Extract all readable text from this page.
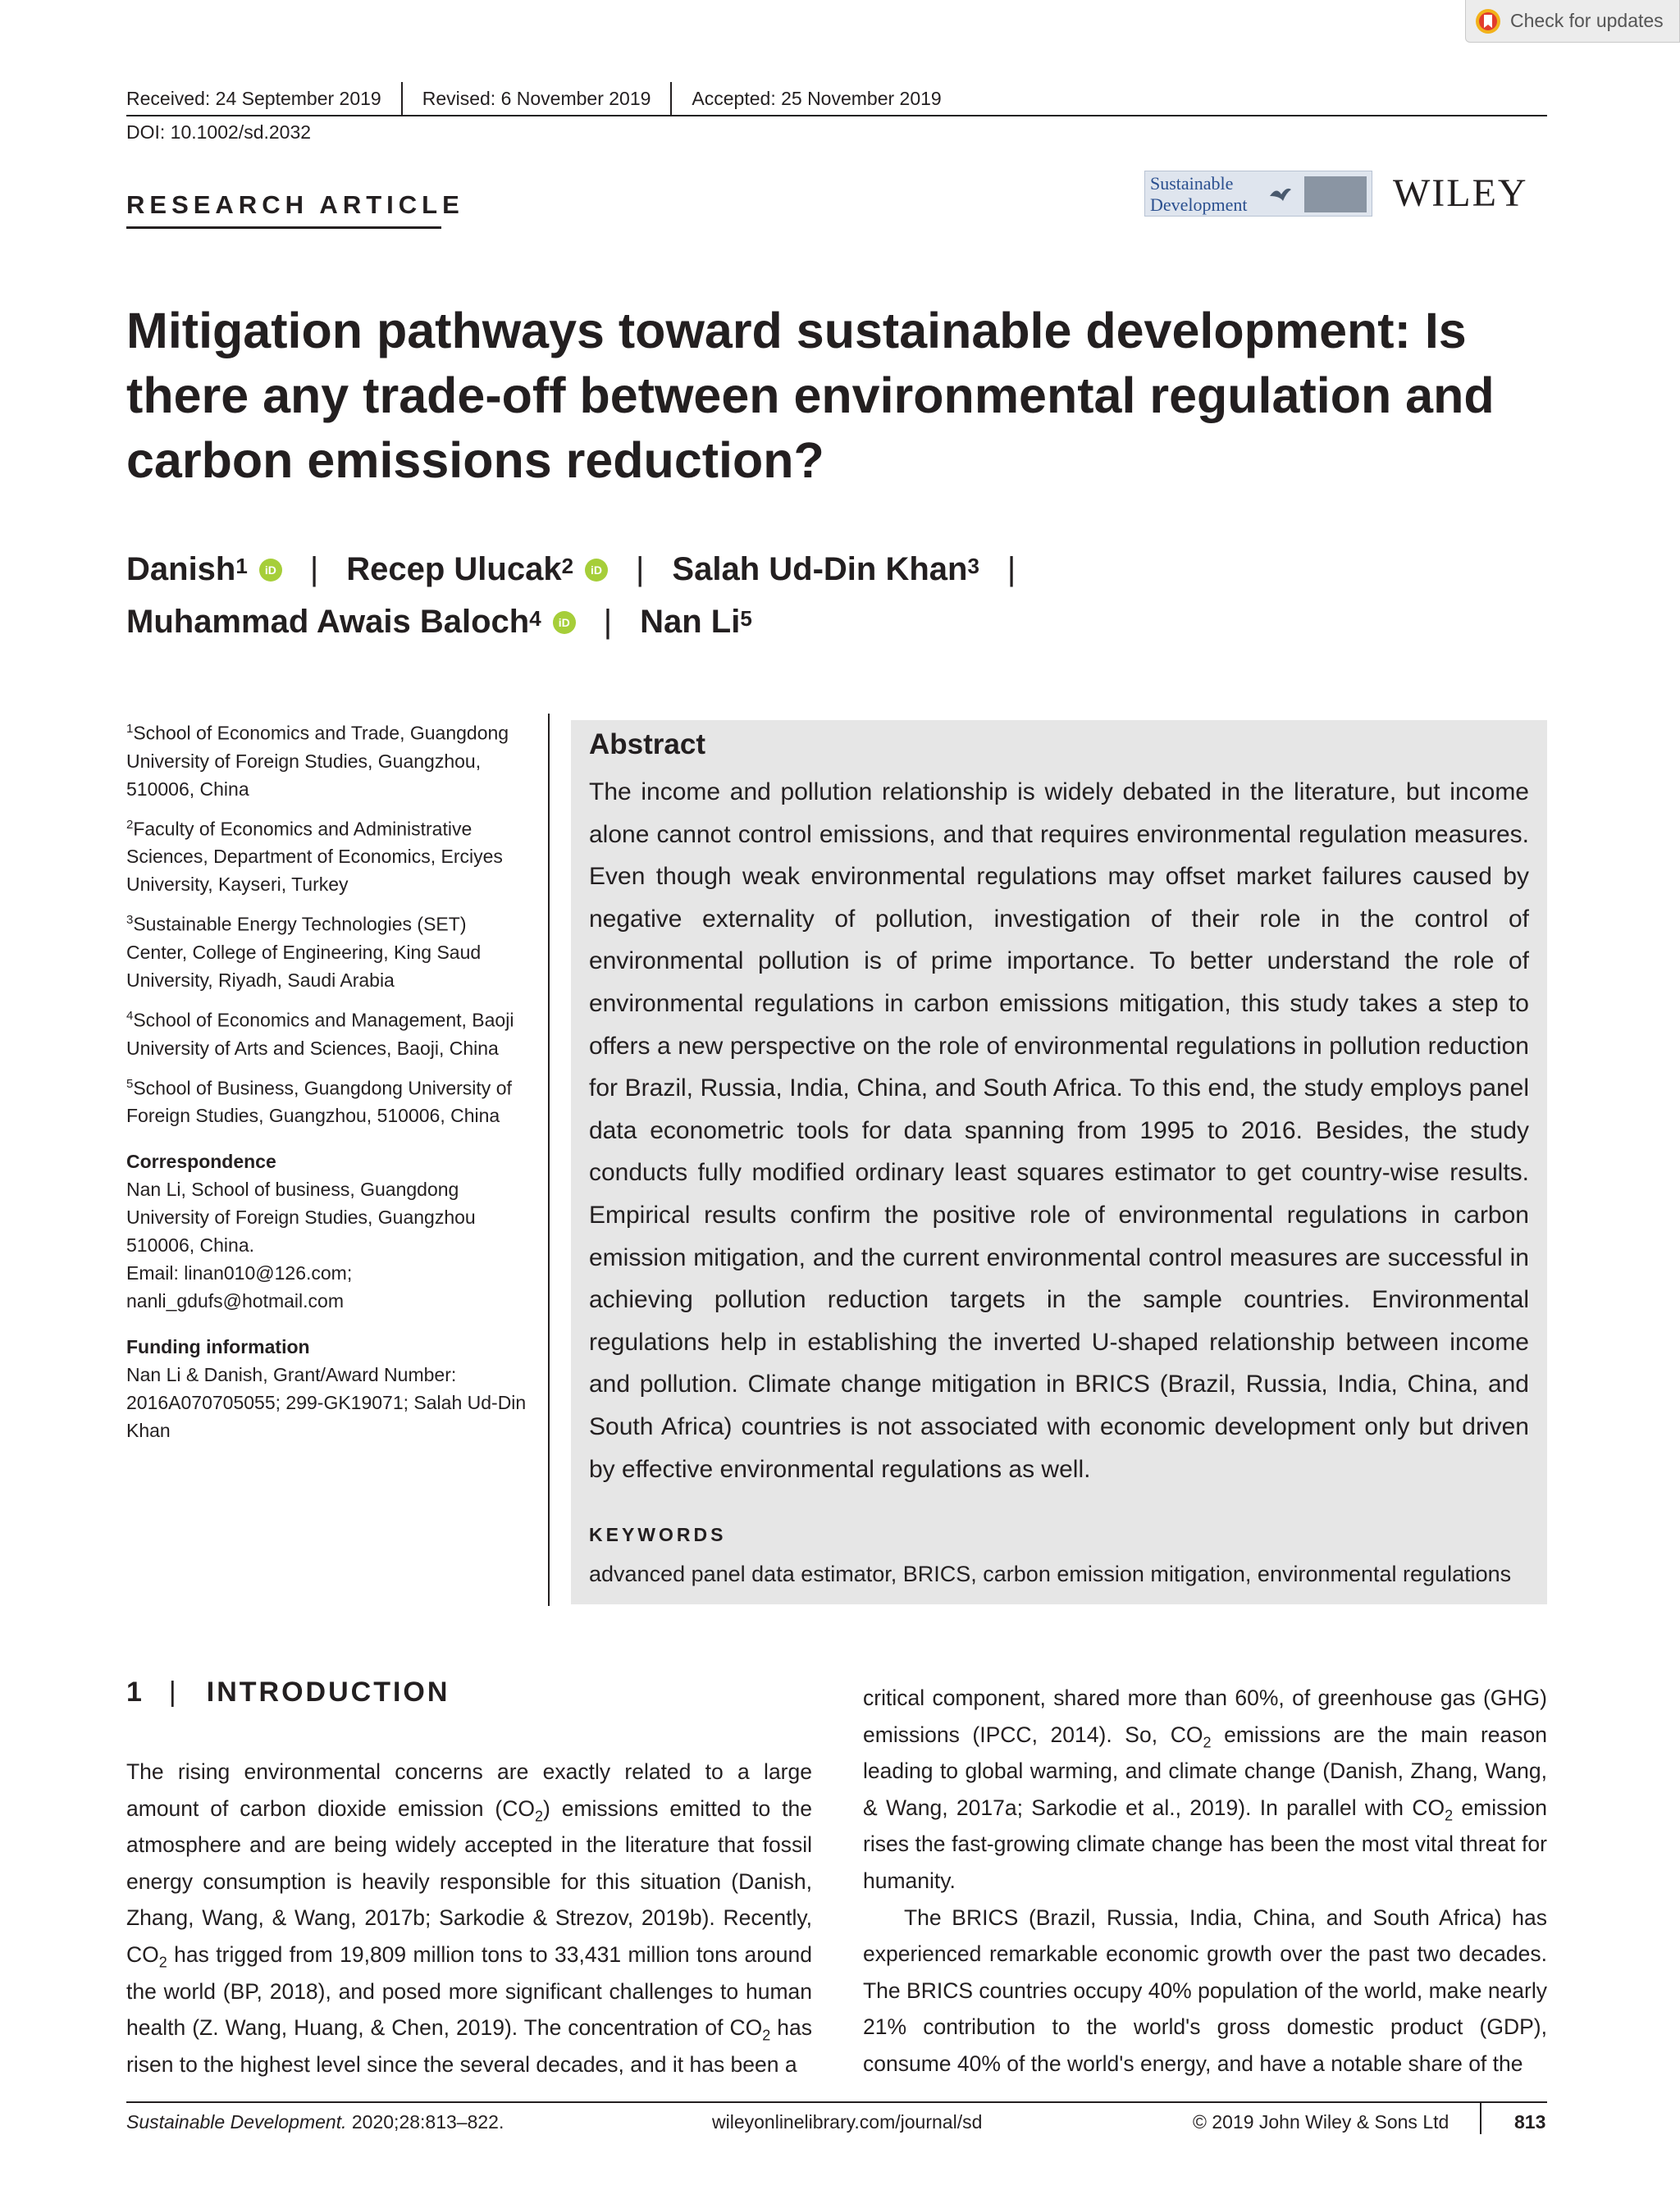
Check for updates
Received: 24 September 2019 Revised: 6 November 2019 Accepted: 25 November 2019
DOI: 10.1002/sd.2032
RESEARCH ARTICLE
Sustainable
Development	WILEY
Mitigation pathways toward sustainable development: Is there any trade-off between environmental regulation and carbon emissions reduction?
Danish$^1$	iD | Recep Ulucak$^2$	iD | Salah Ud-Din Khan$^3$ |
Muhammad Awais Baloch$^4$	iD | Nan Li$^5$
$^1$School of Economics and Trade, Guangdong University of Foreign Studies, Guangzhou, 510006, China
$^2$Faculty of Economics and Administrative Sciences, Department of Economics, Erciyes University, Kayseri, Turkey
$^3$Sustainable Energy Technologies (SET) Center, College of Engineering, King Saud University, Riyadh, Saudi Arabia
$^4$School of Economics and Management, Baoji University of Arts and Sciences, Baoji, China
$^5$School of Business, Guangdong University of Foreign Studies, Guangzhou, 510006, China
Correspondence
Nan Li, School of business, Guangdong University of Foreign Studies, Guangzhou 510006, China.
Email: linan010@126.com; nanli_gdufs@hotmail.com
Funding information
Nan Li & Danish, Grant/Award Number: 2016A070705055; 299-GK19071; Salah Ud-Din Khan
Abstract
The income and pollution relationship is widely debated in the literature, but income alone cannot control emissions, and that requires environmental regulation measures. Even though weak environmental regulations may offset market failures caused by negative externality of pollution, investigation of their role in the control of environmental pollution is of prime importance. To better understand the role of environmental regulations in carbon emissions mitigation, this study takes a step to offers a new perspective on the role of environmental regulations in pollution reduction for Brazil, Russia, India, China, and South Africa. To this end, the study employs panel data econometric tools for data spanning from 1995 to 2016. Besides, the study conducts fully modified ordinary least squares estimator to get country-wise results. Empirical results confirm the positive role of environmental regulations in carbon emission mitigation, and the current environmental control measures are successful in achieving pollution reduction targets in the sample countries. Environmental regulations help in establishing the inverted U-shaped relationship between income and pollution. Climate change mitigation in BRICS (Brazil, Russia, India, China, and South Africa) countries is not associated with economic development only but driven by effective environmental regulations as well.
KEYWORDS
advanced panel data estimator, BRICS, carbon emission mitigation, environmental regulations
1 | INTRODUCTION
The rising environmental concerns are exactly related to a large amount of carbon dioxide emission $(CO_2)$ emissions emitted to the atmosphere and are being widely accepted in the literature that fossil energy consumption is heavily responsible for this situation (Danish, Zhang, Wang, & Wang, 2017b; Sarkodie & Strezov, 2019b). Recently, $CO_2$ has trigged from 19,809 million tons to 33,431 million tons around the world (BP, 2018), and posed more significant challenges to human health (Z. Wang, Huang, & Chen, 2019). The concentration of $CO_2$ has risen to the highest level since the several decades, and it has been a
critical component, shared more than 60%, of greenhouse gas (GHG) emissions (IPCC, 2014). So, $CO_2$ emissions are the main reason leading to global warming, and climate change (Danish, Zhang, Wang, & Wang, 2017a; Sarkodie et al., 2019). In parallel with $CO_2$ emission rises the fast-growing climate change has been the most vital threat for humanity.
The BRICS (Brazil, Russia, India, China, and South Africa) has experienced remarkable economic growth over the past two decades. The BRICS countries occupy 40% population of the world, make nearly 21% contribution to the world's gross domestic product (GDP), consume 40% of the world's energy, and have a notable share of the
Sustainable Development. 2020;28:813–822.	wileyonlinelibrary.com/journal/sd	© 2019 John Wiley & Sons Ltd	813
